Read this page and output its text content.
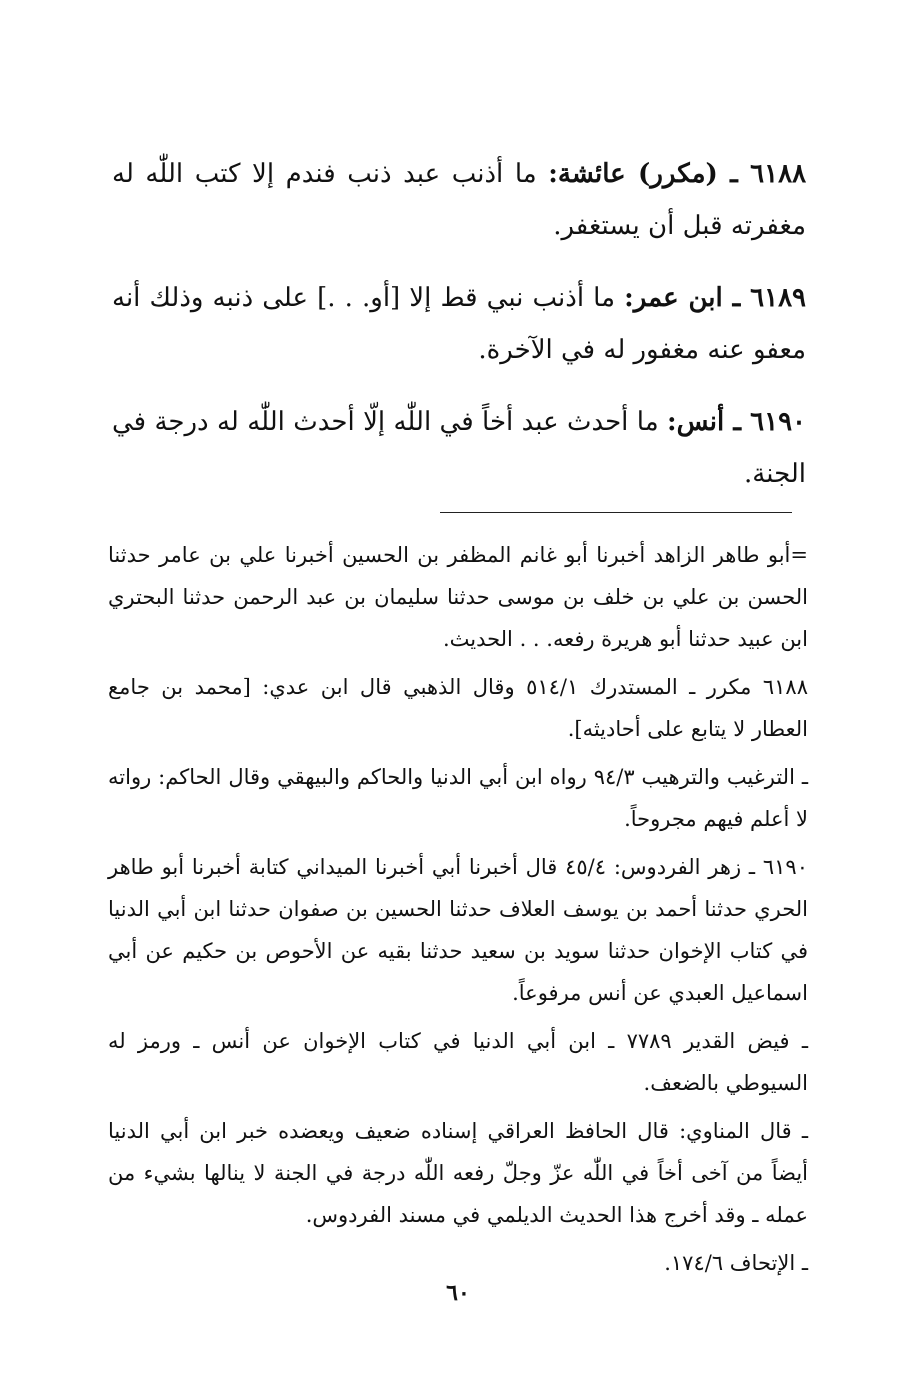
٦١٨٨ ـ (مكرر) عائشة: ما أذنب عبد ذنب فندم إلا كتب اللّٰه له مغفرته قبل أن يستغفر.

٦١٨٩ ـ ابن عمر: ما أذنب نبي قط إلا [أو. . .] على ذنبه وذلك أنه معفو عنه مغفور له في الآخرة.

٦١٩٠ ـ أنس: ما أحدث عبد أخاً في اللّٰه إلّا أحدث اللّٰه له درجة في الجنة.

=أبو طاهر الزاهد أخبرنا أبو غانم المظفر بن الحسين أخبرنا علي بن عامر حدثنا الحسن بن علي بن خلف بن موسى حدثنا سليمان بن عبد الرحمن حدثنا البحتري ابن عبيد حدثنا أبو هريرة رفعه. . . الحديث.

٦١٨٨ مكرر ـ المستدرك ٥١٤/١ وقال الذهبي قال ابن عدي: [محمد بن جامع العطار لا يتابع على أحاديثه].

ـ الترغيب والترهيب ٩٤/٣ رواه ابن أبي الدنيا والحاكم والبيهقي وقال الحاكم: رواته لا أعلم فيهم مجروحاً.

٦١٩٠ ـ زهر الفردوس: ٤٥/٤ قال أخبرنا أبي أخبرنا الميداني كتابة أخبرنا أبو طاهر الحري حدثنا أحمد بن يوسف العلاف حدثنا الحسين بن صفوان حدثنا ابن أبي الدنيا في كتاب الإخوان حدثنا سويد بن سعيد حدثنا بقيه عن الأحوص بن حكيم عن أبي اسماعيل العبدي عن أنس مرفوعاً.

ـ فيض القدير ٧٧٨٩ ـ ابن أبي الدنيا في كتاب الإخوان عن أنس ـ ورمز له السيوطي بالضعف.

ـ قال المناوي: قال الحافظ العراقي إسناده ضعيف ويعضده خبر ابن أبي الدنيا أيضاً من آخى أخاً في اللّٰه عزّ وجلّ رفعه اللّٰه درجة في الجنة لا ينالها بشيء من عمله ـ وقد أخرج هذا الحديث الديلمي في مسند الفردوس.

ـ الإتحاف ١٧٤/٦.

٦٠
